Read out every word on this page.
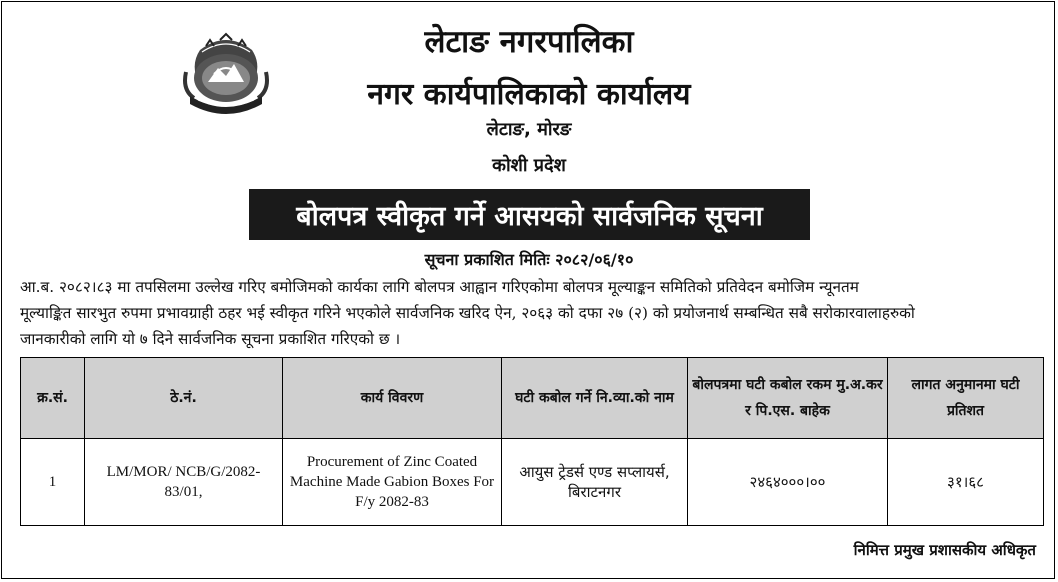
लेटाङ नगरपालिका
नगर कार्यपालिकाको कार्यालय
लेटाङ, मोरङ
कोशी प्रदेश
बोलपत्र स्वीकृत गर्ने आसयको सार्वजनिक सूचना
सूचना प्रकाशित मितिः २०८२/०६/१०
आ.ब. २०८२।८३ मा तपसिलमा उल्लेख गरिए बमोजिमको कार्यका लागि बोलपत्र आह्वान गरिएकोमा बोलपत्र मूल्याङ्कन समितिको प्रतिवेदन बमोजिम न्यूनतम
मूल्याङ्कित सारभुत रुपमा प्रभावग्राही ठहर भई स्वीकृत गरिने भएकोले सार्वजनिक खरिद ऐन, २०६३ को दफा २७ (२) को प्रयोजनार्थ सम्बन्धित सबै सरोकारवालाहरुको
जानकारीको लागि यो ७ दिने सार्वजनिक सूचना प्रकाशित गरिएको छ ।
क्र.सं.	ठे.नं.	कार्य विवरण	घटी कबोल गर्ने नि.व्या.को नाम	बोलपत्रमा घटी कबोल रकम मु.अ.कर र पि.एस. बाहेक	लागत अनुमानमा घटी प्रतिशत
1	LM/MOR/ NCB/G/2082-83/01,	Procurement of Zinc Coated Machine Made Gabion Boxes For F/y 2082-83	आयुस ट्रेडर्स एण्ड सप्लायर्स, बिराटनगर	२४६४०००।००	३१।६८
निमित्त प्रमुख प्रशासकीय अधिकृत
